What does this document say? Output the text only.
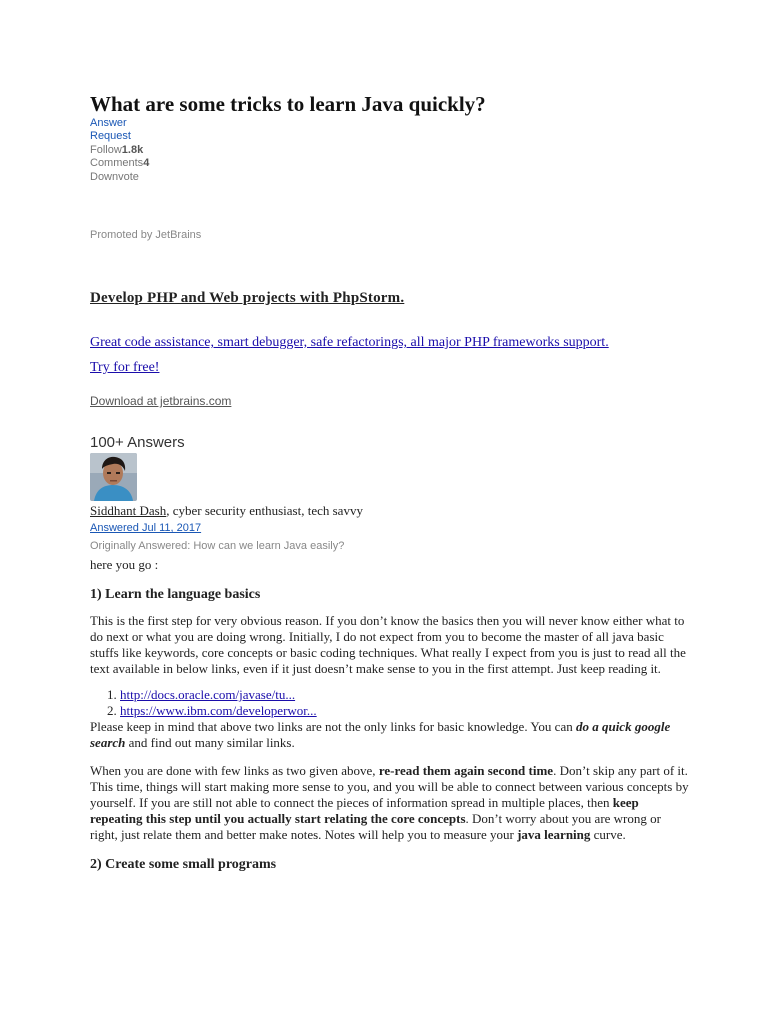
What are some tricks to learn Java quickly?
Answer
Request
Follow1.8k
Comments4
Downvote
Promoted by JetBrains
Develop PHP and Web projects with PhpStorm.
Great code assistance, smart debugger, safe refactorings, all major PHP frameworks support.
Try for free!
Download at jetbrains.com
100+ Answers
Siddhant Dash, cyber security enthusiast, tech savvy
Answered Jul 11, 2017
Originally Answered: How can we learn Java easily?

here you go :

1) Learn the language basics

This is the first step for very obvious reason. If you don’t know the basics then you will never know either what to do next or what you are doing wrong. Initially, I do not expect from you to become the master of all java basic stuffs like keywords, core concepts or basic coding techniques. What really I expect from you is just to read all the text available in below links, even if it just doesn’t make sense to you in the first attempt. Just keep reading it.

1. http://docs.oracle.com/javase/tu...
2. https://www.ibm.com/developerwor...

Please keep in mind that above two links are not the only links for basic knowledge. You can do a quick google search and find out many similar links.

When you are done with few links as two given above, re-read them again second time. Don’t skip any part of it. This time, things will start making more sense to you, and you will be able to connect between various concepts by yourself. If you are still not able to connect the pieces of information spread in multiple places, then keep repeating this step until you actually start relating the core concepts. Don’t worry about you are wrong or right, just relate them and better make notes. Notes will help you to measure your java learning curve.

2) Create some small programs
